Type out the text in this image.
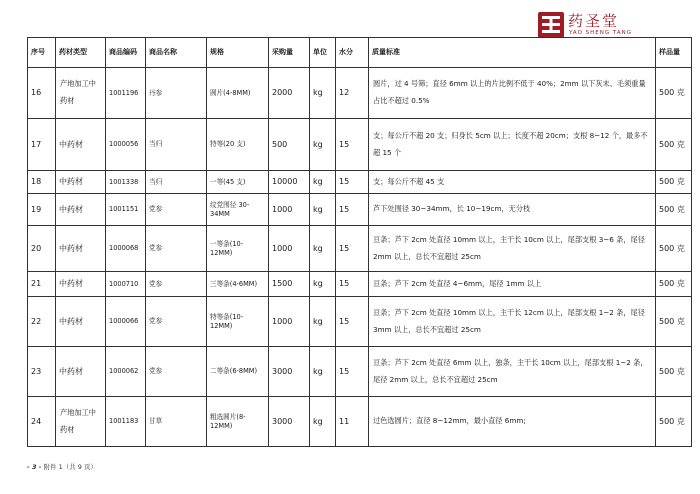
药圣堂
YAO SHENG TANG
序号	药材类型	商品编码	商品名称	规格	采购量	单位	水分	质量标准	样品量
16	产地加工中药材	1001196	丹参	圆片(4-8MM)	2000	kg	12	圆片，过 4 号筛；直径 6mm 以上的片比例不低于 40%；2mm 以下灰末、毛须重量占比不超过 0.5%	500 克
17	中药材	1000056	当归	特等(20 支)	500	kg	15	支；每公斤不超 20 支；归身长 5cm 以上；长度不超 20cm；支根 8~12 个，最多不超 15 个	500 克
18	中药材	1001338	当归	一等(45 支)	10000	kg	15	支；每公斤不超 45 支	500 克
19	中药材	1001151	党参	纹党围径 30-34MM	1000	kg	15	芦下处围径 30~34mm，长 10~19cm，无分枝	500 克
20	中药材	1000068	党参	一等条(10-12MM)	1000	kg	15	亘条；芦下 2cm 处直径 10mm 以上，主干长 10cm 以上，尾部支根 3~6 条，尾径 2mm 以上，总长不宜超过 25cm	500 克
21	中药材	1000710	党参	三等条(4-6MM)	1500	kg	15	亘条；芦下 2cm 处直径 4~6mm，尾径 1mm 以上	500 克
22	中药材	1000066	党参	特等条(10-12MM)	1000	kg	15	亘条；芦下 2cm 处直径 10mm 以上，主干长 12cm 以上，尾部支根 1~2 条，尾径 3mm 以上，总长不宜超过 25cm	500 克
23	中药材	1000062	党参	二等条(6-8MM)	3000	kg	15	亘条；芦下 2cm 处直径 6mm 以上，独条，主干长 10cm 以上，尾部支根 1~2 条，尾径 2mm 以上，总长不宜超过 25cm	500 克
24	产地加工中药材	1001183	甘草	粗选圆片(8-12MM)	3000	kg	11	过色选圆片；直径 8~12mm，最小直径 6mm;	500 克
- 3 - 附件 1（共 9 页）
